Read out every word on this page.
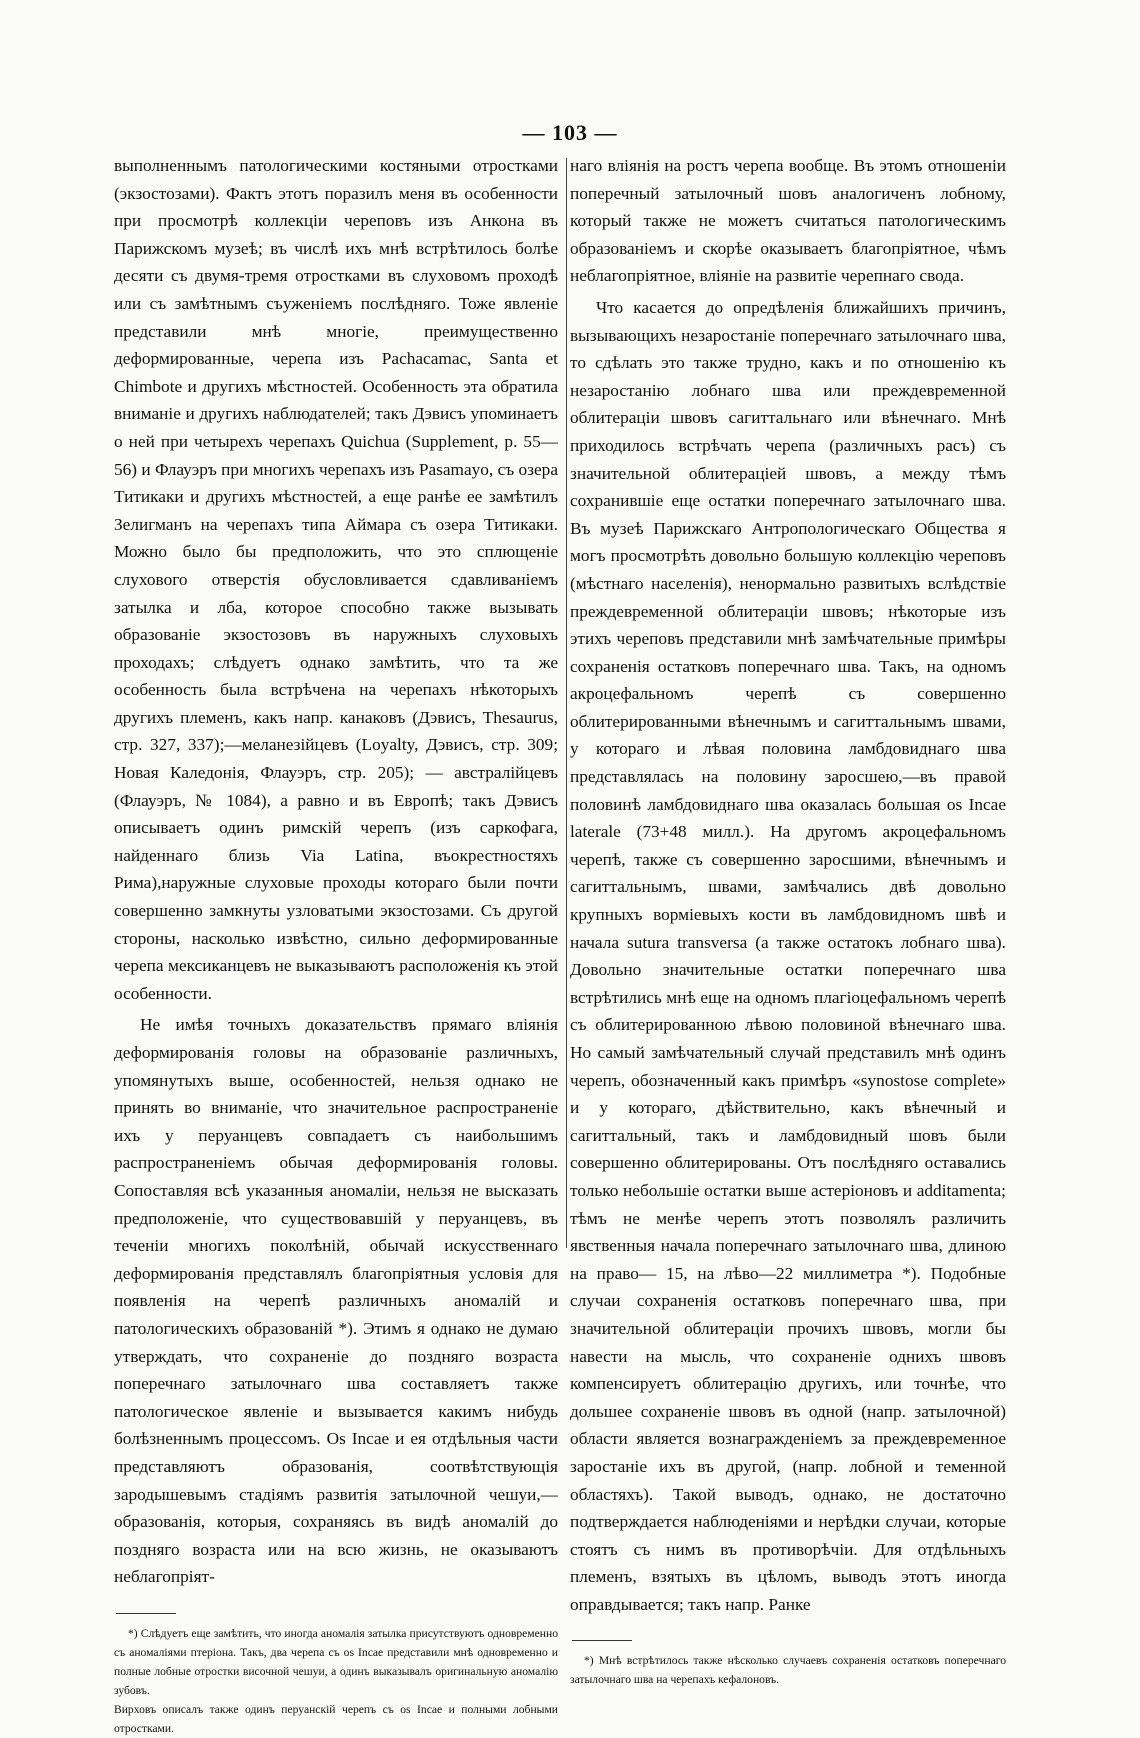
— 103 —

выполненнымъ патологическими костяными отростками (экзостозами). Фактъ этотъ поразилъ меня въ особенности при просмотрѣ коллекціи череповъ изъ Анкона въ Парижскомъ музеѣ; въ числѣ ихъ мнѣ встрѣтилось болѣе десяти съ двумя-тремя отростками въ слуховомъ проходѣ или съ замѣтнымъ съуженіемъ послѣдняго. Тоже явленіе представили мнѣ многіе, преимущественно деформированные, черепа изъ Pachacamac, Santa et Chimbote и другихъ мѣстностей. Особенность эта обратила вниманіе и другихъ наблюдателей; такъ Дэвисъ упоминаетъ о ней при четырехъ черепахъ Quichua (Supplement, p. 55—56) и Флауэръ при многихъ черепахъ изъ Pasamayo, съ озера Титикаки и другихъ мѣстностей, а еще ранѣе ее замѣтилъ Зелигманъ на черепахъ типа Аймара съ озера Титикаки. Можно было бы предположить, что это сплющеніе слухового отверстія обусловливается сдавливаніемъ затылка и лба, которое способно также вызывать образованіе экзостозовъ въ наружныхъ слуховыхъ проходахъ; слѣдуетъ однако замѣтить, что та же особенность была встрѣчена на черепахъ нѣкоторыхъ другихъ племенъ, какъ напр. канаковъ (Дэвисъ, Thesaurus, стр. 327, 337);—меланезійцевъ (Loyalty, Дэвисъ, стр. 309; Новая Каледонія, Флауэръ, стр. 205); — австралійцевъ (Флауэръ, № 1084), а равно и въ Европѣ; такъ Дэвисъ описываетъ одинъ римскій черепъ (изъ саркофага, найденнаго близь Via Latina, въокрестностяхъ Рима),наружные слуховые проходы котораго были почти совершенно замкнуты узловатыми экзостозами. Съ другой стороны, насколько извѣстно, сильно деформированные черепа мексиканцевъ не выказываютъ расположенія къ этой особенности.

Не имѣя точныхъ доказательствъ прямаго вліянія деформированія головы на образованіе различныхъ, упомянутыхъ выше, особенностей, нельзя однако не принять во вниманіе, что значительное распространеніе ихъ у перуанцевъ совпадаетъ съ наибольшимъ распространеніемъ обычая деформированія головы. Сопоставляя всѣ указанныя аномаліи, нельзя не высказать предположеніе, что существовавшій у перуанцевъ, въ теченіи многихъ поколѣній, обычай искусственнаго деформированія представлялъ благопріятныя условія для появленія на черепѣ различныхъ аномалій и патологическихъ образованій *). Этимъ я однако не думаю утверждать, что сохраненіе до поздняго возраста поперечнаго затылочнаго шва составляетъ также патологическое явленіе и вызывается какимъ нибудь болѣзненнымъ процессомъ. Os Incae и ея отдѣльныя части представляютъ образованія, соотвѣтствующія зародышевымъ стадіямъ развитія затылочной чешуи,—образованія, которыя, сохраняясь въ видѣ аномалій до поздняго возраста или на всю жизнь, не оказываютъ неблагопріят-

*) Слѣдуетъ еще замѣтить, что иногда аномалія затылка присутствуютъ одновременно съ аномаліями птеріона. Такъ, два черепа съ os Incae представили мнѣ одновременно и полные лобные отростки височной чешуи, а одинъ выказывалъ оригинальную аномалію зубовъ.
Вирховъ описалъ также одинъ перуанскій черепъ съ os Incae и полными лобными отростками.

наго вліянія на ростъ черепа вообще. Въ этомъ отношеніи поперечный затылочный шовъ аналогиченъ лобному, который также не можетъ считаться патологическимъ образованіемъ и скорѣе оказываетъ благопріятное, чѣмъ неблагопріятное, вліяніе на развитіе черепнаго свода.

Что касается до опредѣленія ближайшихъ причинъ, вызывающихъ незаростаніе поперечнаго затылочнаго шва, то сдѣлать это также трудно, какъ и по отношенію къ незаростанію лобнаго шва или преждевременной облитераціи швовъ сагиттальнаго или вѣнечнаго. Мнѣ приходилось встрѣчать черепа (различныхъ расъ) съ значительной облитераціей швовъ, а между тѣмъ сохранившіе еще остатки поперечнаго затылочнаго шва. Въ музеѣ Парижскаго Антропологическаго Общества я могъ просмотрѣть довольно большую коллекцію череповъ (мѣстнаго населенія), ненормально развитыхъ вслѣдствіе преждевременной облитераціи швовъ; нѣкоторые изъ этихъ череповъ представили мнѣ замѣчательные примѣры сохраненія остатковъ поперечнаго шва. Такъ, на одномъ акроцефальномъ черепѣ съ совершенно облитерированными вѣнечнымъ и сагиттальнымъ швами, у котораго и лѣвая половина ламбдовиднаго шва представлялась на половину заросшею,—въ правой половинѣ ламбдовиднаго шва оказалась большая os Incae laterale (73+48 милл.). На другомъ акроцефальномъ черепѣ, также съ совершенно заросшими, вѣнечнымъ и сагиттальнымъ, швами, замѣчались двѣ довольно крупныхъ ворміевыхъ кости въ ламбдовидномъ швѣ и начала sutura transversa (а также остатокъ лобнаго шва). Довольно значительные остатки поперечнаго шва встрѣтились мнѣ еще на одномъ плагіоцефальномъ черепѣ съ облитерированною лѣвою половиной вѣнечнаго шва. Но самый замѣчательный случай представилъ мнѣ одинъ черепъ, обозначенный какъ примѣръ «synostose complete» и у котораго, дѣйствительно, какъ вѣнечный и сагиттальный, такъ и ламбдовидный шовъ были совершенно облитерированы. Отъ послѣдняго оставались только небольшіе остатки выше астеріоновъ и additamenta; тѣмъ не менѣе черепъ этотъ позволялъ различить явственныя начала поперечнаго затылочнаго шва, длиною на право— 15, на лѣво—22 миллиметра *). Подобные случаи сохраненія остатковъ поперечнаго шва, при значительной облитераціи прочихъ швовъ, могли бы навести на мысль, что сохраненіе однихъ швовъ компенсируетъ облитерацію другихъ, или точнѣе, что дольшее сохраненіе швовъ въ одной (напр. затылочной) области является вознагражденіемъ за преждевременное заростаніе ихъ въ другой, (напр. лобной и теменной областяхъ). Такой выводъ, однако, не достаточно подтверждается наблюденіями и нерѣдки случаи, которые стоятъ съ нимъ въ противорѣчіи. Для отдѣльныхъ племенъ, взятыхъ въ цѣломъ, выводъ этотъ иногда оправдывается; такъ напр. Ранке

*) Мнѣ встрѣтилось также нѣсколько случаевъ сохраненія остатковъ поперечнаго затылочнаго шва на черепахъ кефалоновъ.
